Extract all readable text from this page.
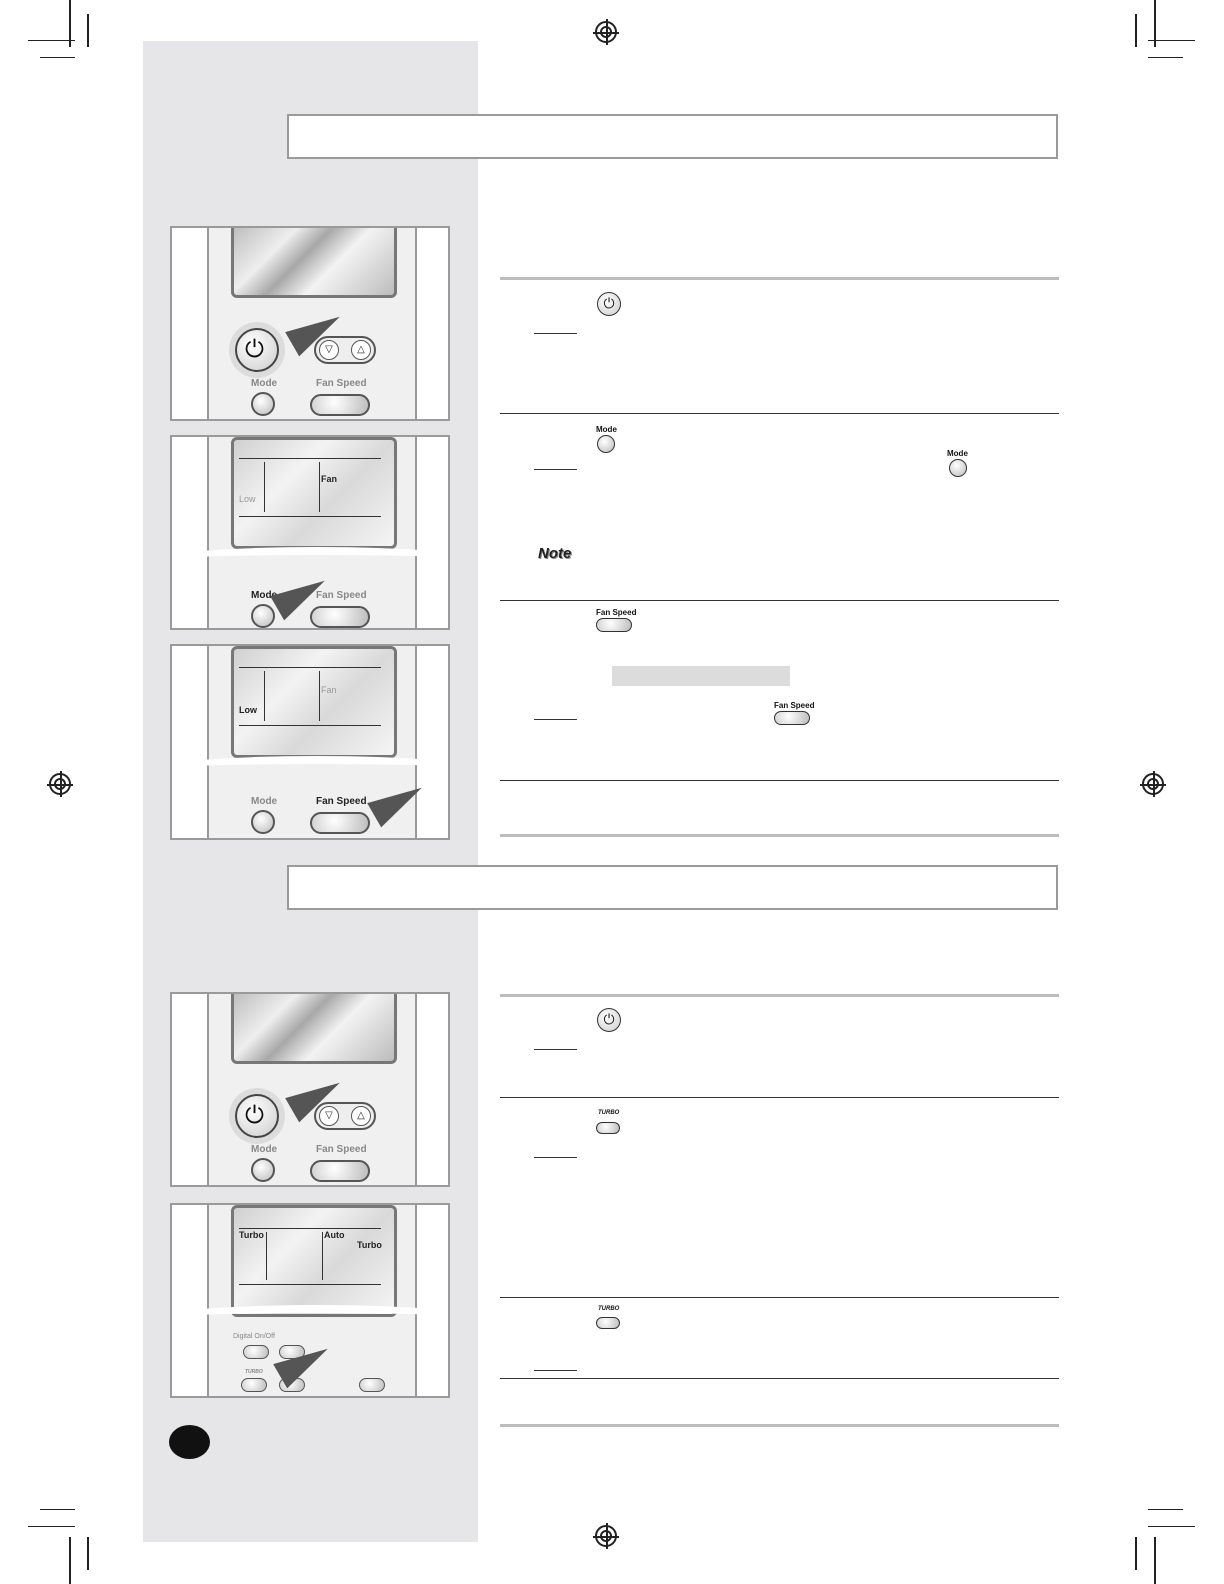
⏻
Mode
Mode
Note
Fan Speed
Fan Speed
⏻
TURBO
TURBO
⏻	▽	△
Mode	Fan Speed
Low
Fan
Mode	Fan Speed
Low
Fan
Mode	Fan Speed
⏻	▽	△
Mode	Fan Speed
Turbo	Auto
Turbo
Digital On/Off
TURBO
